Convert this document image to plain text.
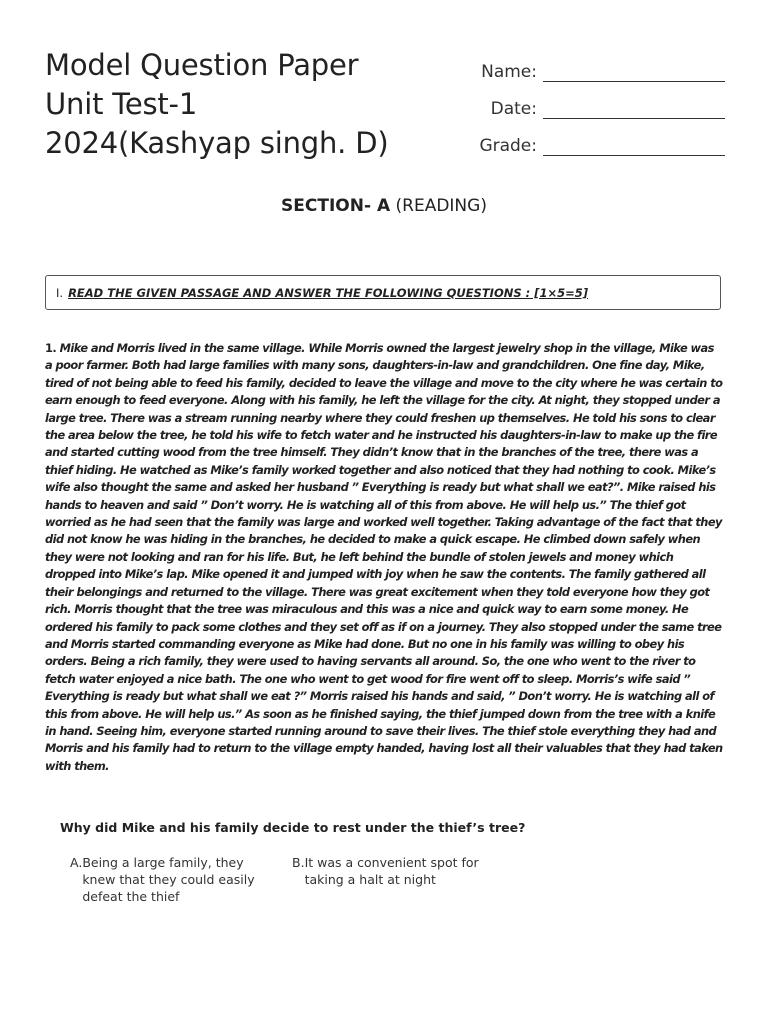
Model Question Paper
Unit Test-1
2024(Kashyap singh. D)
Name:
Date:
Grade:
SECTION- A (READING)
I. READ THE GIVEN PASSAGE AND ANSWER THE FOLLOWING QUESTIONS : [1×5=5]

1. Mike and Morris lived in the same village. While Morris owned the largest jewelry shop in the village, Mike was a poor farmer. Both had large families with many sons, daughters-in-law and grandchildren. One fine day, Mike, tired of not being able to feed his family, decided to leave the village and move to the city where he was certain to earn enough to feed everyone. Along with his family, he left the village for the city. At night, they stopped under a large tree. There was a stream running nearby where they could freshen up themselves. He told his sons to clear the area below the tree, he told his wife to fetch water and he instructed his daughters-in-law to make up the fire and started cutting wood from the tree himself. They didn’t know that in the branches of the tree, there was a thief hiding. He watched as Mike’s family worked together and also noticed that they had nothing to cook. Mike’s wife also thought the same and asked her husband ” Everything is ready but what shall we eat?”. Mike raised his hands to heaven and said ” Don’t worry. He is watching all of this from above. He will help us.” The thief got worried as he had seen that the family was large and worked well together. Taking advantage of the fact that they did not know he was hiding in the branches, he decided to make a quick escape. He climbed down safely when they were not looking and ran for his life. But, he left behind the bundle of stolen jewels and money which dropped into Mike’s lap. Mike opened it and jumped with joy when he saw the contents. The family gathered all their belongings and returned to the village. There was great excitement when they told everyone how they got rich. Morris thought that the tree was miraculous and this was a nice and quick way to earn some money. He ordered his family to pack some clothes and they set off as if on a journey. They also stopped under the same tree and Morris started commanding everyone as Mike had done. But no one in his family was willing to obey his orders. Being a rich family, they were used to having servants all around. So, the one who went to the river to fetch water enjoyed a nice bath. The one who went to get wood for fire went off to sleep. Morris’s wife said ” Everything is ready but what shall we eat ?” Morris raised his hands and said, ” Don’t worry. He is watching all of this from above. He will help us.” As soon as he finished saying, the thief jumped down from the tree with a knife in hand. Seeing him, everyone started running around to save their lives. The thief stole everything they had and Morris and his family had to return to the village empty handed, having lost all their valuables that they had taken with them.

Why did Mike and his family decide to rest under the thief’s tree?
A. Being a large family, they knew that they could easily defeat the thief
B. It was a convenient spot for taking a halt at night
